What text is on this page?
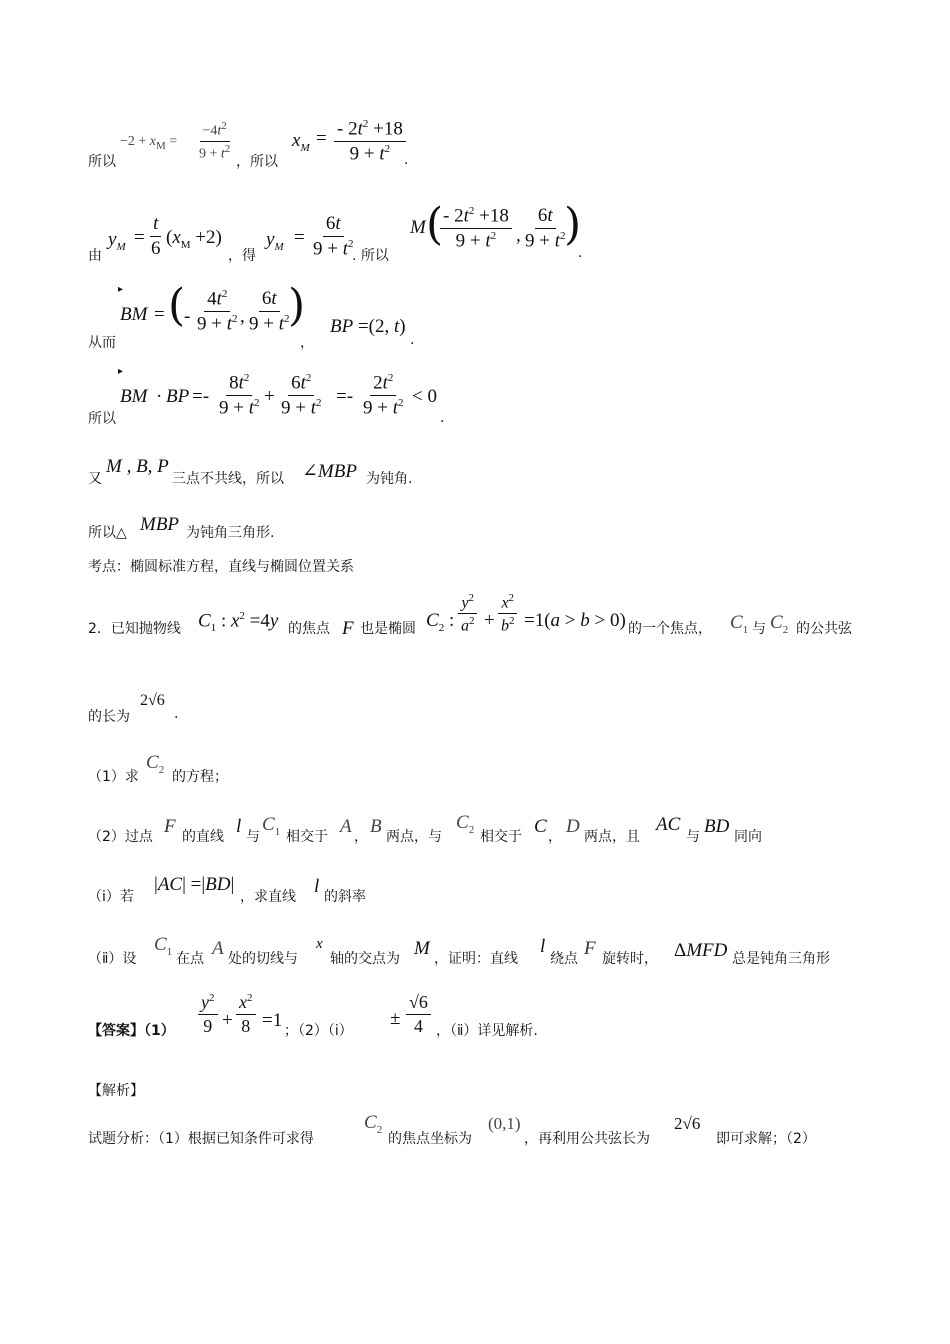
所以
$-2 + x_M = \frac{-4t^2}{9 + t^2}$ ，所以
$x_M = \frac{- 2t^2 +18}{9 + t^2}$
.
由
$y_M = \frac{t}{6} (x_M +2)$
，得
$y_M = \frac{6t}{9 + t^2}$
. 所以
M (
$\frac{- 2t^2 +18}{9 + t^2}$ , $\frac{6t}{9 + t^2}$
)
.
▸
BM = (
- $\frac{4t^2}{9 + t^2}$ , $\frac{6t}{9 + t^2}$
)
从而	，
BP =(2, t)
.
▸
BM · BP =- $\frac{8t^2}{9 + t^2} + \frac{6t^2}{9 + t^2} =- \frac{2t^2}{9 + t^2} < 0$
所以	.
又
M , B, P
三点不共线，所以 ∠MBP 为钝角.
所以△ MBP 为钝角三角形.
考点：椭圆标准方程，直线与椭圆位置关系
2．已知抛物线 $C_1$ : $x^2 =4y$ 的焦点 F 也是椭圆 $C_2$ : $\frac{y^2}{a^2} + \frac{x^2}{b^2} =1(a > b > 0)$ 的一个焦点， $C_1$ 与 $C_2$ 的公共弦
的长为
2√6
.
（1）求
$C_2$ 的方程；
（2）过点 F 的直线 l 与
$C_1$ 相交于 A ， B 两点，与
$C_2$ 相交于 C ， D 两点，且
AC
与 BD 同向
（ⅰ）若
|AC| =|BD|
，求直线 l 的斜率
（ⅱ）设
$C_1$ 在点 A 处的切线与
x
轴的交点为 M ，证明：直线
l
绕点 F 旋转时， ΔMFD 总是钝角三角形
【答案】$(1) \frac{y^2}{9} + \frac{x^2}{8} =1$ ；（2）（ⅰ）
± $\frac{√6}{4}$ ，（ⅱ）详见解析.
【解析】
试题分析：（1）根据已知条件可求得
$C_2$
的焦点坐标为
(0,1)
，再利用公共弦长为
2√6
即可求解；（2）
